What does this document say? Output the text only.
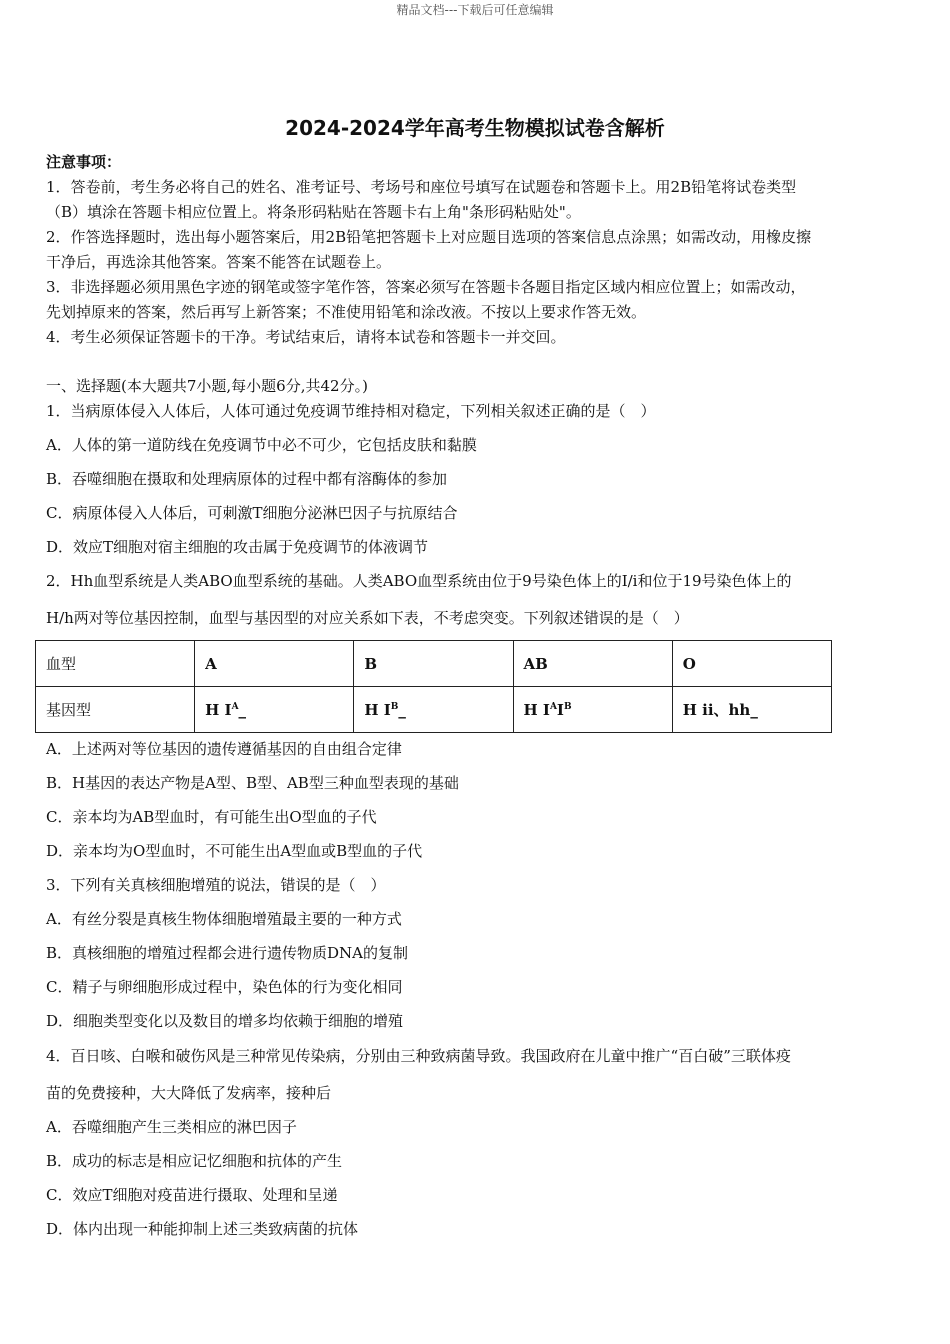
精品文档---下载后可任意编辑
2024-2024学年高考生物模拟试卷含解析
注意事项：
1．答卷前，考生务必将自己的姓名、准考证号、考场号和座位号填写在试题卷和答题卡上。用2B铅笔将试卷类型
（B）填涂在答题卡相应位置上。将条形码粘贴在答题卡右上角"条形码粘贴处"。
2．作答选择题时，选出每小题答案后，用2B铅笔把答题卡上对应题目选项的答案信息点涂黑；如需改动，用橡皮擦
干净后，再选涂其他答案。答案不能答在试题卷上。
3．非选择题必须用黑色字迹的钢笔或签字笔作答，答案必须写在答题卡各题目指定区域内相应位置上；如需改动，
先划掉原来的答案，然后再写上新答案；不准使用铅笔和涂改液。不按以上要求作答无效。
4．考生必须保证答题卡的干净。考试结束后，请将本试卷和答题卡一并交回。
一、选择题(本大题共7小题,每小题6分,共42分。)
1．当病原体侵入人体后，人体可通过免疫调节维持相对稳定，下列相关叙述正确的是（　）
A．人体的第一道防线在免疫调节中必不可少，它包括皮肤和黏膜
B．吞噬细胞在摄取和处理病原体的过程中都有溶酶体的参加
C．病原体侵入人体后，可刺激T细胞分泌淋巴因子与抗原结合
D．效应T细胞对宿主细胞的攻击属于免疫调节的体液调节
2．Hh血型系统是人类ABO血型系统的基础。人类ABO血型系统由位于9号染色体上的I/i和位于19号染色体上的
H/h两对等位基因控制，血型与基因型的对应关系如下表，不考虑突变。下列叙述错误的是（　）
血型	A	B	AB	O
基因型	H $I^A\_$	H $I^B\_$	H $I^AI^B$	H ii、hh_
A．上述两对等位基因的遗传遵循基因的自由组合定律
B．H基因的表达产物是A型、B型、AB型三种血型表现的基础
C．亲本均为AB型血时，有可能生出O型血的子代
D．亲本均为O型血时，不可能生出A型血或B型血的子代
3．下列有关真核细胞增殖的说法，错误的是（　）
A．有丝分裂是真核生物体细胞增殖最主要的一种方式
B．真核细胞的增殖过程都会进行遗传物质DNA的复制
C．精子与卵细胞形成过程中，染色体的行为变化相同
D．细胞类型变化以及数目的增多均依赖于细胞的增殖
4．百日咳、白喉和破伤风是三种常见传染病，分别由三种致病菌导致。我国政府在儿童中推广“百白破”三联体疫
苗的免费接种，大大降低了发病率，接种后
A．吞噬细胞产生三类相应的淋巴因子
B．成功的标志是相应记忆细胞和抗体的产生
C．效应T细胞对疫苗进行摄取、处理和呈递
D．体内出现一种能抑制上述三类致病菌的抗体
